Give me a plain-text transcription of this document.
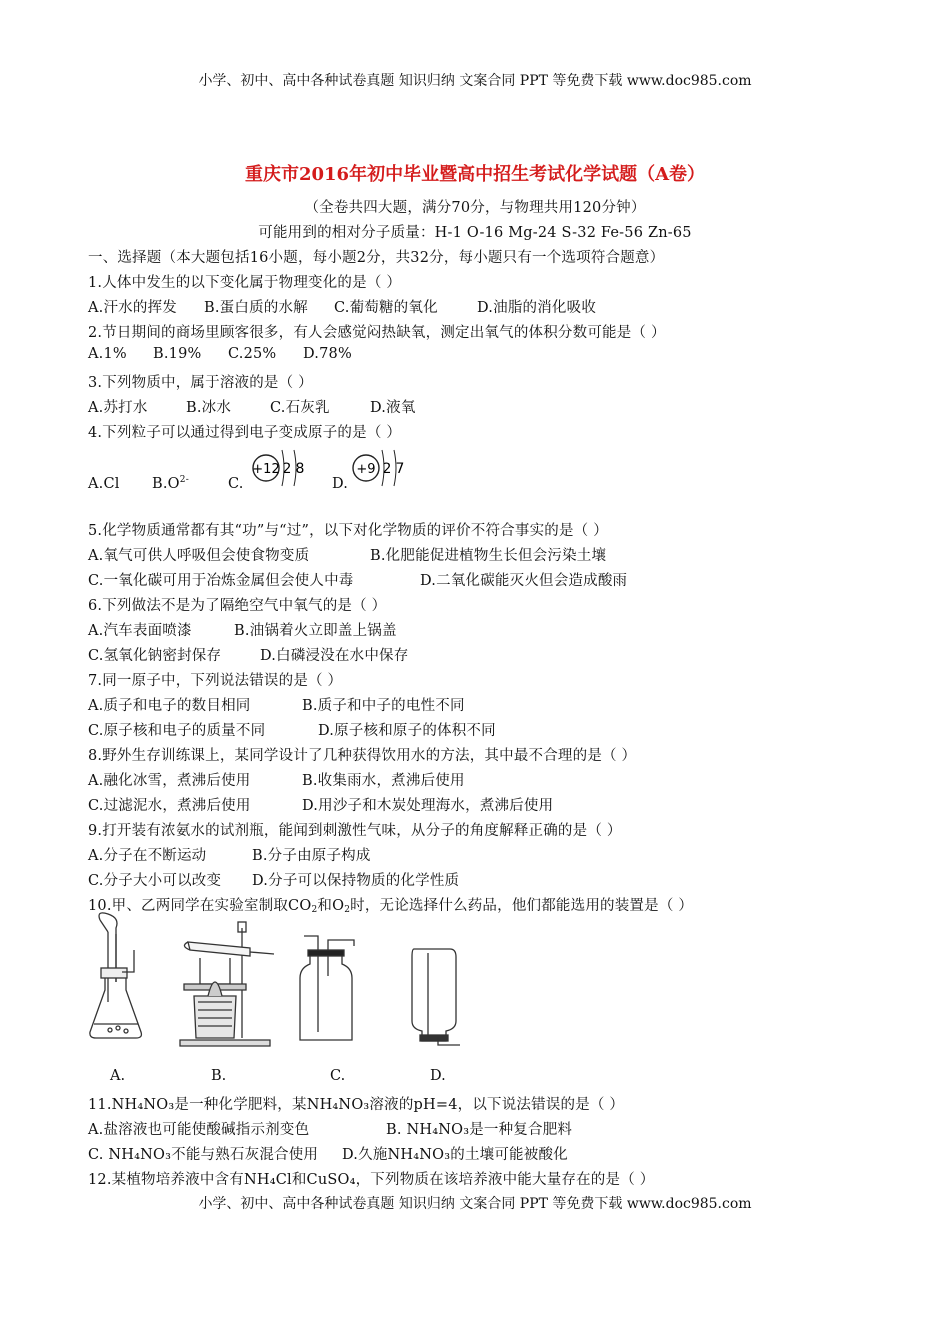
小学、初中、高中各种试卷真题 知识归纳 文案合同 PPT 等免费下载 www.doc985.com
重庆市2016年初中毕业暨高中招生考试化学试题（A卷）
（全卷共四大题，满分70分，与物理共用120分钟）
可能用到的相对分子质量：H-1 O-16 Mg-24 S-32 Fe-56 Zn-65
一、选择题（本大题包括16小题，每小题2分，共32分，每小题只有一个选项符合题意）
1.人体中发生的以下变化属于物理变化的是（ ）
A.汗水的挥发 B.蛋白质的水解 C.葡萄糖的氧化	D.油脂的消化吸收
2.节日期间的商场里顾客很多，有人会感觉闷热缺氧，测定出氧气的体积分数可能是（ ）
A.1% B.19% C.25% D.78%
3.下列物质中，属于溶液的是（ ）
A.苏打水	B.冰水	C.石灰乳	D.液氧
4.下列粒子可以通过得到电子变成原子的是（ ）
A.Cl $B.O^{2-}$	C.	D.
+12 2 8	+9 2 7
5.化学物质通常都有其“功”与“过”，以下对化学物质的评价不符合事实的是（ ）
A.氧气可供人呼吸但会使食物变质	B.化肥能促进植物生长但会污染土壤
C.一氧化碳可用于冶炼金属但会使人中毒	D.二氧化碳能灭火但会造成酸雨
6.下列做法不是为了隔绝空气中氧气的是（ ）
A.汽车表面喷漆	B.油锅着火立即盖上锅盖
C.氢氧化钠密封保存	D.白磷浸没在水中保存
7.同一原子中，下列说法错误的是（ ）
A.质子和电子的数目相同	B.质子和中子的电性不同
C.原子核和电子的质量不同	D.原子核和原子的体积不同
8.野外生存训练课上，某同学设计了几种获得饮用水的方法，其中最不合理的是（ ）
A.融化冰雪，煮沸后使用	B.收集雨水，煮沸后使用
C.过滤泥水，煮沸后使用	D.用沙子和木炭处理海水，煮沸后使用
9.打开装有浓氨水的试剂瓶，能闻到刺激性气味，从分子的角度解释正确的是（ ）
A.分子在不断运动	B.分子由原子构成
C.分子大小可以改变 D.分子可以保持物质的化学性质
10.甲、乙两同学在实验室制取$CO_2$和$O_2$时，无论选择什么药品，他们都能选用的装置是（ ）
A.	B.	C.	D.
11.NH₄NO₃是一种化学肥料，某NH₄NO₃溶液的pH=4，以下说法错误的是（ ）
A.盐溶液也可能使酸碱指示剂变色	B. NH₄NO₃是一种复合肥料
C. NH₄NO₃不能与熟石灰混合使用 D.久施NH₄NO₃的土壤可能被酸化
12.某植物培养液中含有NH₄Cl和CuSO₄，下列物质在该培养液中能大量存在的是（ ）
小学、初中、高中各种试卷真题 知识归纳 文案合同 PPT 等免费下载 www.doc985.com
